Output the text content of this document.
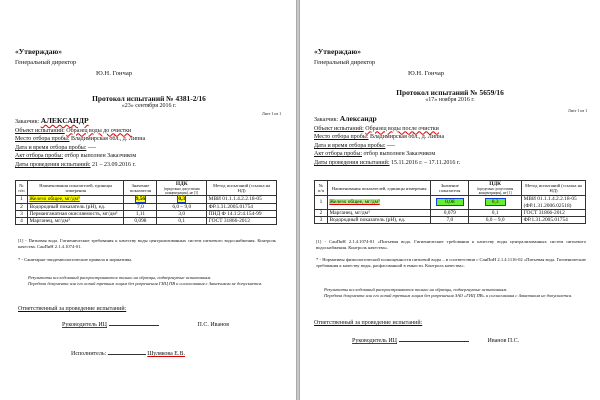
«Утверждаю»
Генеральный директор
Ю.Н. Гончар
Протокол испытаний № 4381-2/16
«23» сентября 2016 г.
Лист 1 из 1
Заказчик: АЛЕКСАНДР
Объект испытаний: Образец воды до очистки
Место отбора пробы: Владимирская обл., д. Липна
Дата и время отбора пробы: ----
Акт отбора пробы: отбор выполнен Заказчиком
Даты проведения испытаний: 21 – 23.09.2016 г.
№ п/п	Наименования показателей, единицы измерения	Значение показателя	ПДК
(предельно допустимая концентрация), не [1]	Метод испытаний (ссылка на НД)
1	Железо общее, мг/дм³	9,56	0,3	МВИ 01.1.1.4.2.2.18-05
2	Водородный показатель (рН), ед.	7,0	6,0 – 9,0	ФР.1.31.2005.01754
3	Перманганатная окисляемость, мг/дм³	1,11	3,0	ПНД Ф 14.1:2:4.154-99
4	Марганец, мг/дм³	0,098	0,1	ГОСТ 31866-2012
[1] - Питьевая вода. Гигиенические требования к качеству воды централизованных систем питьевого водоснабжения. Контроль качества. СанПиН 2.1.4.1074-01.
* - Санитарно-эпидемиологические правила и нормативы.
Результаты исследований распространяются только на образцы, подвергнутые испытаниям.
Передача документа или его копий третьим лицам без разрешения ГИЦ ПВ и согласования с Заказчиком не допускается.
Ответственный за проведение испытаний:
Руководитель ИЦ	П.С. Иванов
Исполнитель:	Шулякова Е.В.
«Утверждаю»
Генеральный директор
Ю.Н. Гончар
Протокол испытаний № 5659/16
«17» ноября 2016 г.
Лист 1 из 1
Заказчик: Александр
Объект испытаний: Образец воды после очистки
Место отбора пробы: Владимирская обл., д. Липна
Дата и время отбора пробы: ----
Акт отбора пробы: отбор выполнен Заказчиком
Даты проведения испытаний: 15.11.2016 г. – 17.11.2016 г.
№ п/п	Наименования показателей, единицы измерения	Значение показателя	ПДК
(предельно допустимая концентрация), не [1]	Метод испытаний (ссылка на НД)
1	Железо общее, мг/дм³	0,08	0,3	МВИ 01.1.1.4.2.2.18-05 (ФР.1.31.2006.02518)
2	Марганец, мг/дм³	0,079	0,1	ГОСТ 31866-2012
3	Водородный показатель (рН), ед.	7,0	6,0 – 9,0	ФР.1.31.2005.01754
[1] - СанПиН 2.1.4.1074-01 «Питьевая вода. Гигиенические требования к качеству воды централизованных систем питьевого водоснабжения. Контроль качества».
* - Нормативы физиологической полноценности питьевой воды – в соответствии с СанПиН 2.1.4.1116-02 «Питьевая вода. Гигиенические требования к качеству воды, расфасованной в емкости. Контроль качества».
Результаты исследований распространяются только на образцы, подвергнутые испытаниям.
Передача документа или его копий третьим лицам без разрешения ЗАО «ГИЦ ПВ» и согласования с Заказчиком не допускается.
Ответственный за проведение испытаний:
Руководитель ИЦ	Иванов П.С.
